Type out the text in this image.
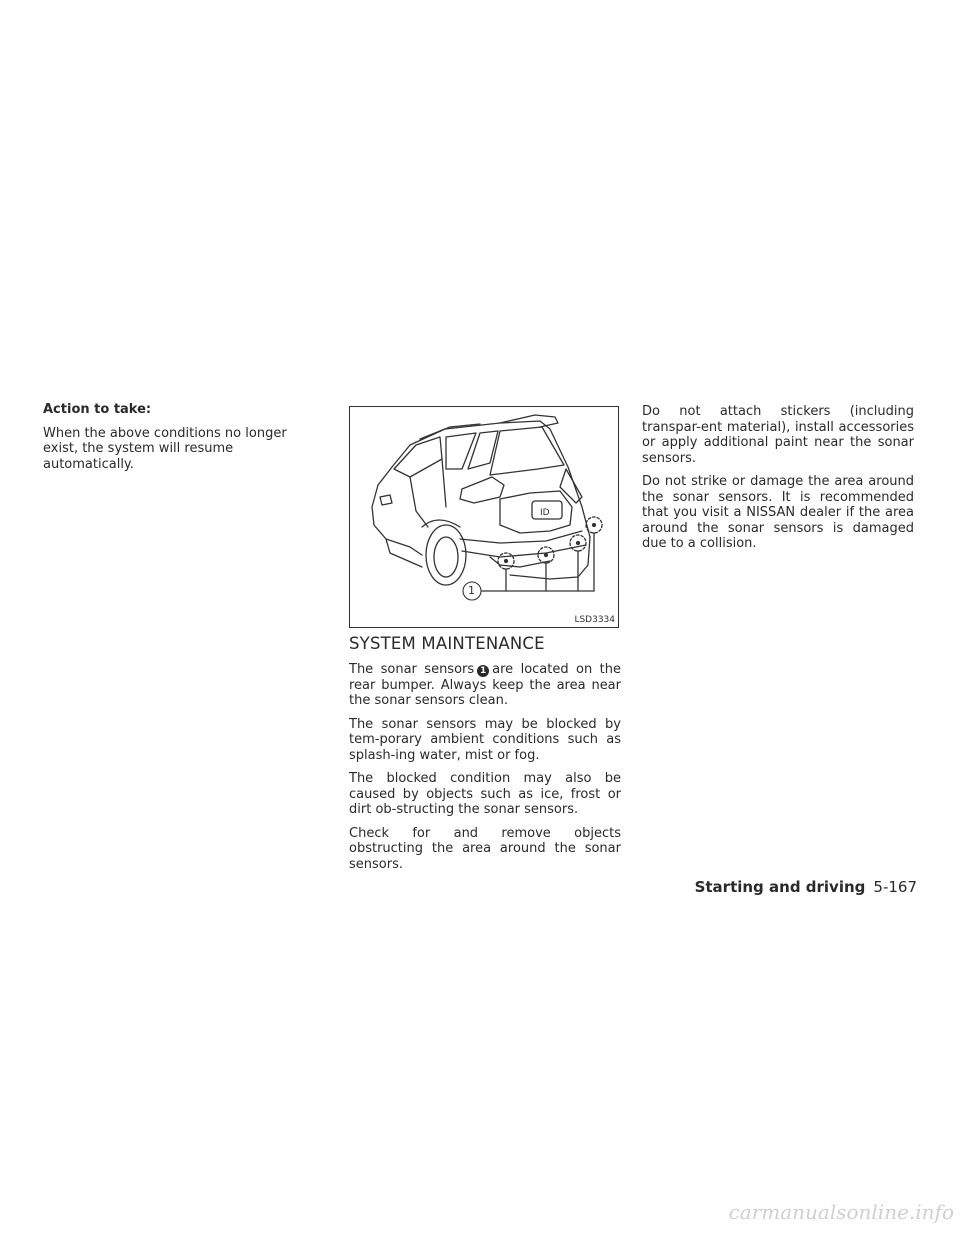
Action to take:

When the above conditions no longer exist, the system will resume automatically.

ID
1
LSD3334
SYSTEM MAINTENANCE

The sonar sensors 1 are located on the rear bumper. Always keep the area near the sonar sensors clean.

The sonar sensors may be blocked by tem-porary ambient conditions such as splash-ing water, mist or fog.

The blocked condition may also be caused by objects such as ice, frost or dirt ob-structing the sonar sensors.

Check for and remove objects obstructing the area around the sonar sensors.

Do not attach stickers (including transpar-ent material), install accessories or apply additional paint near the sonar sensors.

Do not strike or damage the area around the sonar sensors. It is recommended that you visit a NISSAN dealer if the area around the sonar sensors is damaged due to a collision.

Starting and driving 5-167
carmanualsonline.info
